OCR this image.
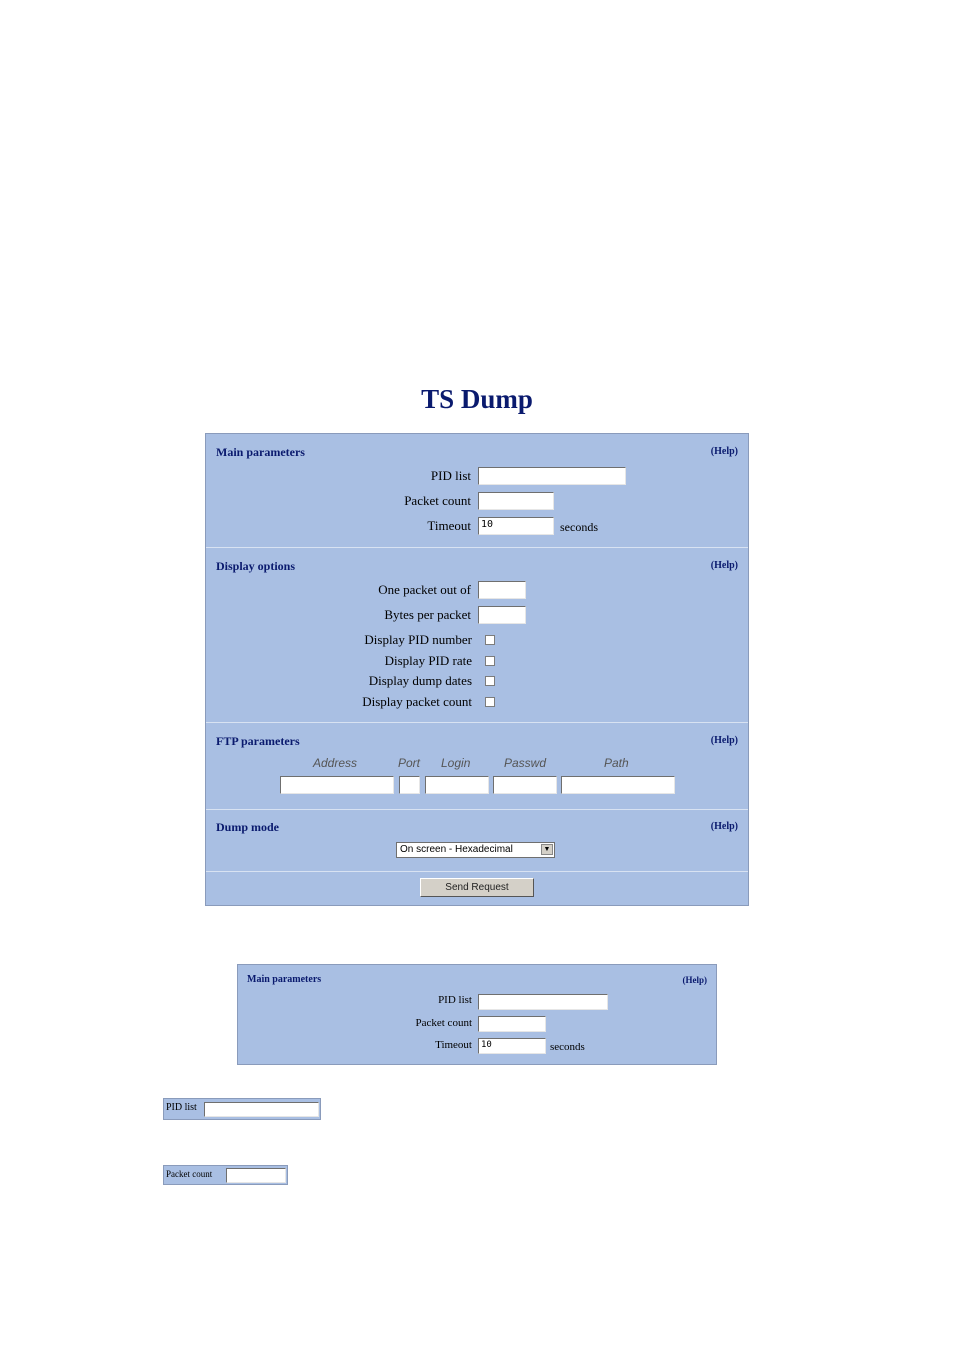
TS Dump
Main parameters	(Help)
PID list
Packet count
Timeout	10	seconds
Display options	(Help)
One packet out of
Bytes per packet
Display PID number
Display PID rate
Display dump dates
Display packet count
FTP parameters	(Help)
Address	Port Login	Passwd	Path
Dump mode	(Help)
On screen - Hexadecimal	▼
Send Request
Main parameters	(Help)
PID list
Packet count
Timeout	10	seconds
PID list
Packet count
